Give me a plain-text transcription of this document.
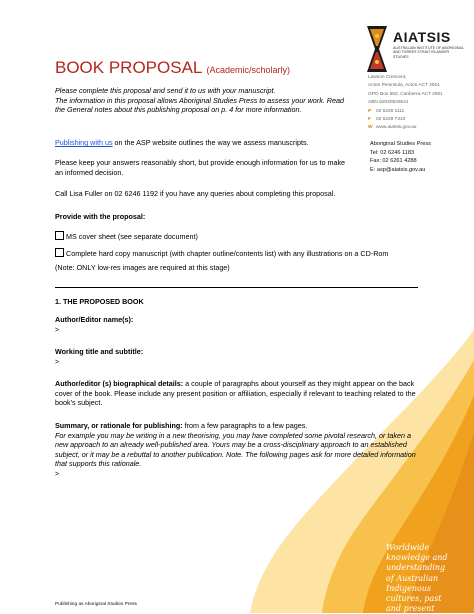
BOOK PROPOSAL (Academic/scholarly)
AIATSIS
AUSTRALIAN INSTITUTE OF ABORIGINAL AND TORRES STRAIT ISLANDER STUDIES
Lawson Crescent,
Acton Peninsula, Acton ACT 2601
GPO Box 553, Canberra ACT 2601
ABN 62020533641
P 02 6246 1111
F 02 6249 7310
W www.aiatsis.gov.au
Aboriginal Studies Press
Tel: 02 6246 1183
Fax: 02 6261 4288
E: asp@aiatsis.gov.au
Please complete this proposal and send it to us with your manuscript.
The information in this proposal allows Aboriginal Studies Press to assess your work. Read the General notes about this publishing proposal on p. 4 for more information.
Publishing with us on the ASP website outlines the way we assess manuscripts.
Please keep your answers reasonably short, but provide enough information for us to make an informed decision.
Call Lisa Fuller on 02 6246 1192 if you have any queries about completing this proposal.
Provide with the proposal:
MS cover sheet (see separate document)
Complete hard copy manuscript (with chapter outline/contents list) with any illustrations on a CD-Rom
(Note: ONLY low-res images are required at this stage)
1. THE PROPOSED BOOK
Author/Editor name(s):
>
Working title and subtitle:
>
Author/editor (s) biographical details: a couple of paragraphs about yourself as they might appear on the back cover of the book. Please include any present position or affiliation, especially if relevant to teaching related to the book's subject.
Summary, or rationale for publishing: from a few paragraphs to a few pages.
For example you may be writing in a new theorising, you may have completed some pivotal research, or taken a new approach to an already well-published area. Yours may be a cross-disciplinary approach to an established subject, or it may be a rebuttal to another publication. Note. The following pages ask for more detailed information that supports this rationale.
>
Worldwide
knowledge and
understanding
of Australian
Indigenous
cultures, past
and present
Publishing as Aboriginal Studies Press
